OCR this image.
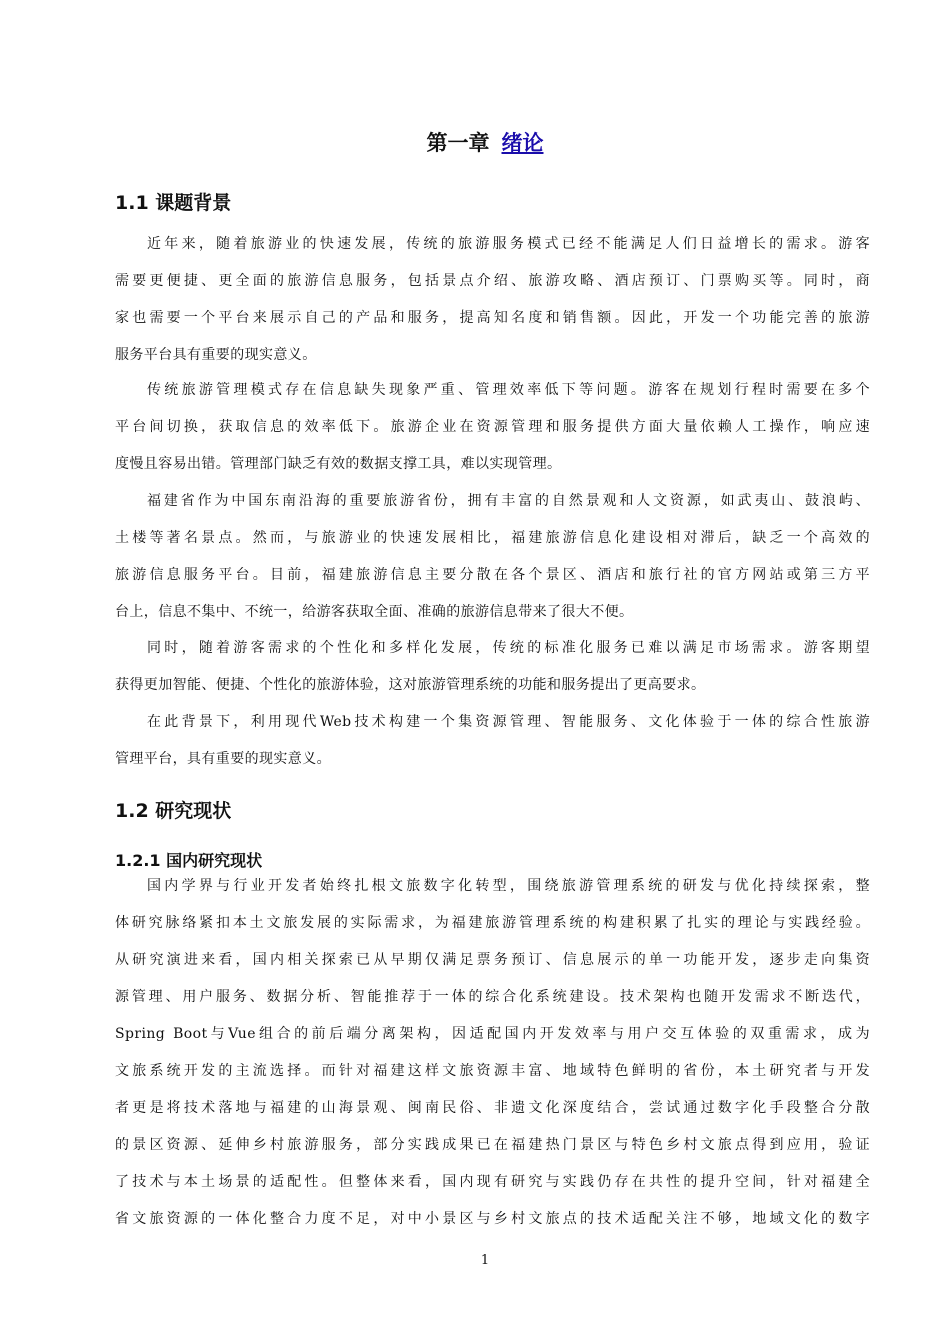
第一章 绪论
1.1 课题背景
近年来，随着旅游业的快速发展，传统的旅游服务模式已经不能满足人们日益增长的需求。游客
需要更便捷、更全面的旅游信息服务，包括景点介绍、旅游攻略、酒店预订、门票购买等。同时，商
家也需要一个平台来展示自己的产品和服务，提高知名度和销售额。因此，开发一个功能完善的旅游
服务平台具有重要的现实意义。
传统旅游管理模式存在信息缺失现象严重、管理效率低下等问题。游客在规划行程时需要在多个
平台间切换，获取信息的效率低下。旅游企业在资源管理和服务提供方面大量依赖人工操作，响应速
度慢且容易出错。管理部门缺乏有效的数据支撑工具，难以实现管理。
福建省作为中国东南沿海的重要旅游省份，拥有丰富的自然景观和人文资源，如武夷山、鼓浪屿、
土楼等著名景点。然而，与旅游业的快速发展相比，福建旅游信息化建设相对滞后，缺乏一个高效的
旅游信息服务平台。目前，福建旅游信息主要分散在各个景区、酒店和旅行社的官方网站或第三方平
台上，信息不集中、不统一，给游客获取全面、准确的旅游信息带来了很大不便。
同时，随着游客需求的个性化和多样化发展，传统的标准化服务已难以满足市场需求。游客期望
获得更加智能、便捷、个性化的旅游体验，这对旅游管理系统的功能和服务提出了更高要求。
在此背景下，利用现代Web技术构建一个集资源管理、智能服务、文化体验于一体的综合性旅游
管理平台，具有重要的现实意义。
1.2 研究现状
1.2.1 国内研究现状
国内学界与行业开发者始终扎根文旅数字化转型，围绕旅游管理系统的研发与优化持续探索，整
体研究脉络紧扣本土文旅发展的实际需求，为福建旅游管理系统的构建积累了扎实的理论与实践经验。
从研究演进来看，国内相关探索已从早期仅满足票务预订、信息展示的单一功能开发，逐步走向集资
源管理、用户服务、数据分析、智能推荐于一体的综合化系统建设。技术架构也随开发需求不断迭代，
Spring Boot与Vue组合的前后端分离架构，因适配国内开发效率与用户交互体验的双重需求，成为
文旅系统开发的主流选择。而针对福建这样文旅资源丰富、地域特色鲜明的省份，本土研究者与开发
者更是将技术落地与福建的山海景观、闽南民俗、非遗文化深度结合，尝试通过数字化手段整合分散
的景区资源、延伸乡村旅游服务，部分实践成果已在福建热门景区与特色乡村文旅点得到应用，验证
了技术与本土场景的适配性。但整体来看，国内现有研究与实践仍存在共性的提升空间，针对福建全
省文旅资源的一体化整合力度不足，对中小景区与乡村文旅点的技术适配关注不够，地域文化的数字
1
